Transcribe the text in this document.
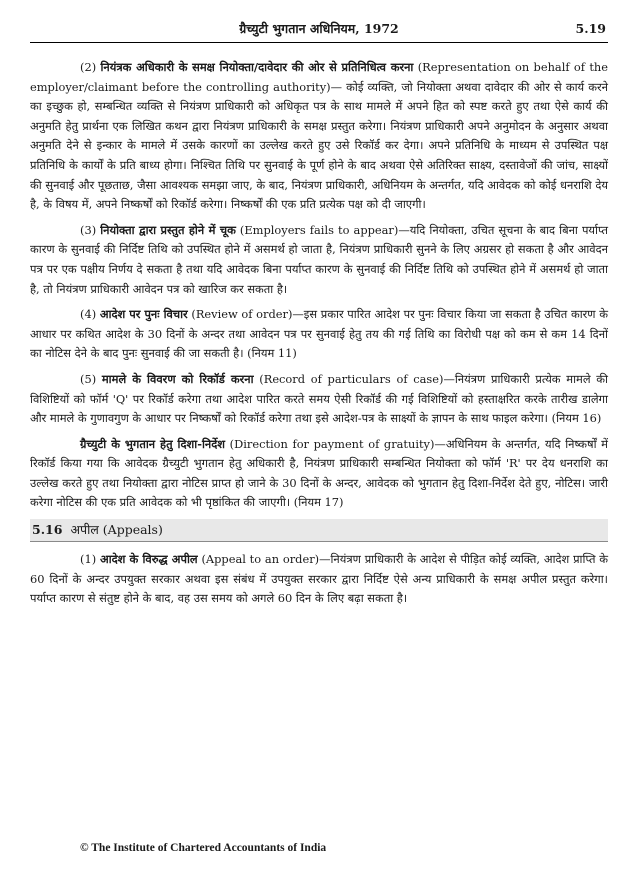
ग्रैच्युटी भुगतान अधिनियम, 1972	5.19

(2) नियंत्रक अधिकारी के समक्ष नियोक्ता/दावेदार की ओर से प्रतिनिधित्व करना (Representation on behalf of the employer/claimant before the controlling authority)— कोई व्यक्ति, जो नियोक्ता अथवा दावेदार की ओर से कार्य करने का इच्छुक हो, सम्बन्धित व्यक्ति से नियंत्रण प्राधिकारी को अधिकृत पत्र के साथ मामले में अपने हित को स्पष्ट करते हुए तथा ऐसे कार्य की अनुमति हेतु प्रार्थना एक लिखित कथन द्वारा नियंत्रण प्राधिकारी के समक्ष प्रस्तुत करेगा। नियंत्रण प्राधिकारी अपने अनुमोदन के अनुसार अथवा अनुमति देने से इन्कार के मामले में उसके कारणों का उल्लेख करते हुए उसे रिकॉर्ड कर देगा। अपने प्रतिनिधि के माध्यम से उपस्थित पक्ष प्रतिनिधि के कार्यों के प्रति बाध्य होगा। निश्चित तिथि पर सुनवाई के पूर्ण होने के बाद अथवा ऐसे अतिरिक्त साक्ष्य, दस्तावेजों की जांच, साक्ष्यों की सुनवाई और पूछताछ, जैसा आवश्यक समझा जाए, के बाद, नियंत्रण प्राधिकारी, अधिनियम के अन्तर्गत, यदि आवेदक को कोई धनराशि देय है, के विषय में, अपने निष्कर्षों को रिकॉर्ड करेगा। निष्कर्षों की एक प्रति प्रत्येक पक्ष को दी जाएगी।

(3) नियोक्ता द्वारा प्रस्तुत होने में चूक (Employers fails to appear)—यदि नियोक्ता, उचित सूचना के बाद बिना पर्याप्त कारण के सुनवाई की निर्दिष्ट तिथि को उपस्थित होने में असमर्थ हो जाता है, नियंत्रण प्राधिकारी सुनने के लिए अग्रसर हो सकता है और आवेदन पत्र पर एक पक्षीय निर्णय दे सकता है तथा यदि आवेदक बिना पर्याप्त कारण के सुनवाई की निर्दिष्ट तिथि को उपस्थित होने में असमर्थ हो जाता है, तो नियंत्रण प्राधिकारी आवेदन पत्र को खारिज कर सकता है।

(4) आदेश पर पुनः विचार (Review of order)—इस प्रकार पारित आदेश पर पुनः विचार किया जा सकता है उचित कारण के आधार पर कथित आदेश के 30 दिनों के अन्दर तथा आवेदन पत्र पर सुनवाई हेतु तय की गई तिथि का विरोधी पक्ष को कम से कम 14 दिनों का नोटिस देने के बाद पुनः सुनवाई की जा सकती है। (नियम 11)

(5) मामले के विवरण को रिकॉर्ड करना (Record of particulars of case)—नियंत्रण प्राधिकारी प्रत्येक मामले की विशिष्टियों को फॉर्म 'Q' पर रिकॉर्ड करेगा तथा आदेश पारित करते समय ऐसी रिकॉर्ड की गई विशिष्टियों को हस्ताक्षरित करके तारीख डालेगा और मामले के गुणावगुण के आधार पर निष्कर्षों को रिकॉर्ड करेगा तथा इसे आदेश-पत्र के साक्ष्यों के ज्ञापन के साथ फाइल करेगा। (नियम 16)

ग्रैच्युटी के भुगतान हेतु दिशा-निर्देश (Direction for payment of gratuity)—अधिनियम के अन्तर्गत, यदि निष्कर्षों में रिकॉर्ड किया गया कि आवेदक ग्रैच्युटी भुगतान हेतु अधिकारी है, नियंत्रण प्राधिकारी सम्बन्धित नियोक्ता को फॉर्म 'R' पर देय धनराशि का उल्लेख करते हुए तथा नियोक्ता द्वारा नोटिस प्राप्त हो जाने के 30 दिनों के अन्दर, आवेदक को भुगतान हेतु दिशा-निर्देश देते हुए, नोटिस। जारी करेगा नोटिस की एक प्रति आवेदक को भी पृष्ठांकित की जाएगी। (नियम 17)

5.16 अपील (Appeals)

(1) आदेश के विरुद्ध अपील (Appeal to an order)—नियंत्रण प्राधिकारी के आदेश से पीड़ित कोई व्यक्ति, आदेश प्राप्ति के 60 दिनों के अन्दर उपयुक्त सरकार अथवा इस संबंध में उपयुक्त सरकार द्वारा निर्दिष्ट ऐसे अन्य प्राधिकारी के समक्ष अपील प्रस्तुत करेगा। पर्याप्त कारण से संतुष्ट होने के बाद, वह उस समय को अगले 60 दिन के लिए बढ़ा सकता है।

© The Institute of Chartered Accountants of India
